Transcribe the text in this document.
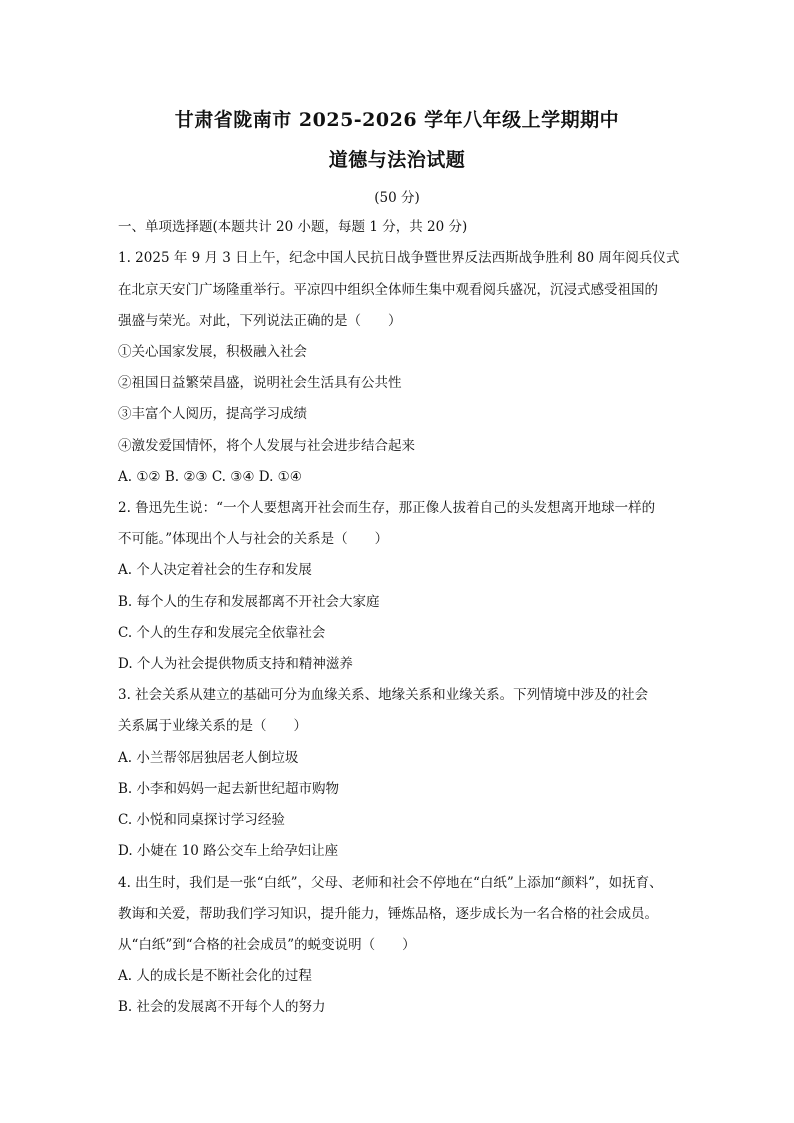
甘肃省陇南市 2025-2026 学年八年级上学期期中
道德与法治试题
(50 分)
一、单项选择题(本题共计 20 小题，每题 1 分，共 20 分)
1. 2025 年 9 月 3 日上午，纪念中国人民抗日战争暨世界反法西斯战争胜利 80 周年阅兵仪式
在北京天安门广场隆重举行。平凉四中组织全体师生集中观看阅兵盛况，沉浸式感受祖国的
强盛与荣光。对此，下列说法正确的是（　　）
①关心国家发展，积极融入社会
②祖国日益繁荣昌盛，说明社会生活具有公共性
③丰富个人阅历，提高学习成绩
④激发爱国情怀，将个人发展与社会进步结合起来
A. ①② B. ②③ C. ③④ D. ①④
2. 鲁迅先生说：“一个人要想离开社会而生存，那正像人拔着自己的头发想离开地球一样的
不可能。”体现出个人与社会的关系是（　　）
A. 个人决定着社会的生存和发展
B. 每个人的生存和发展都离不开社会大家庭
C. 个人的生存和发展完全依靠社会
D. 个人为社会提供物质支持和精神滋养
3. 社会关系从建立的基础可分为血缘关系、地缘关系和业缘关系。下列情境中涉及的社会
关系属于业缘关系的是（　　）
A. 小兰帮邻居独居老人倒垃圾
B. 小李和妈妈一起去新世纪超市购物
C. 小悦和同桌探讨学习经验
D. 小婕在 10 路公交车上给孕妇让座
4. 出生时，我们是一张“白纸”，父母、老师和社会不停地在“白纸”上添加“颜料”，如抚育、
教诲和关爱，帮助我们学习知识，提升能力，锤炼品格，逐步成长为一名合格的社会成员。
从“白纸”到“合格的社会成员”的蜕变说明（　　）
A. 人的成长是不断社会化的过程
B. 社会的发展离不开每个人的努力
